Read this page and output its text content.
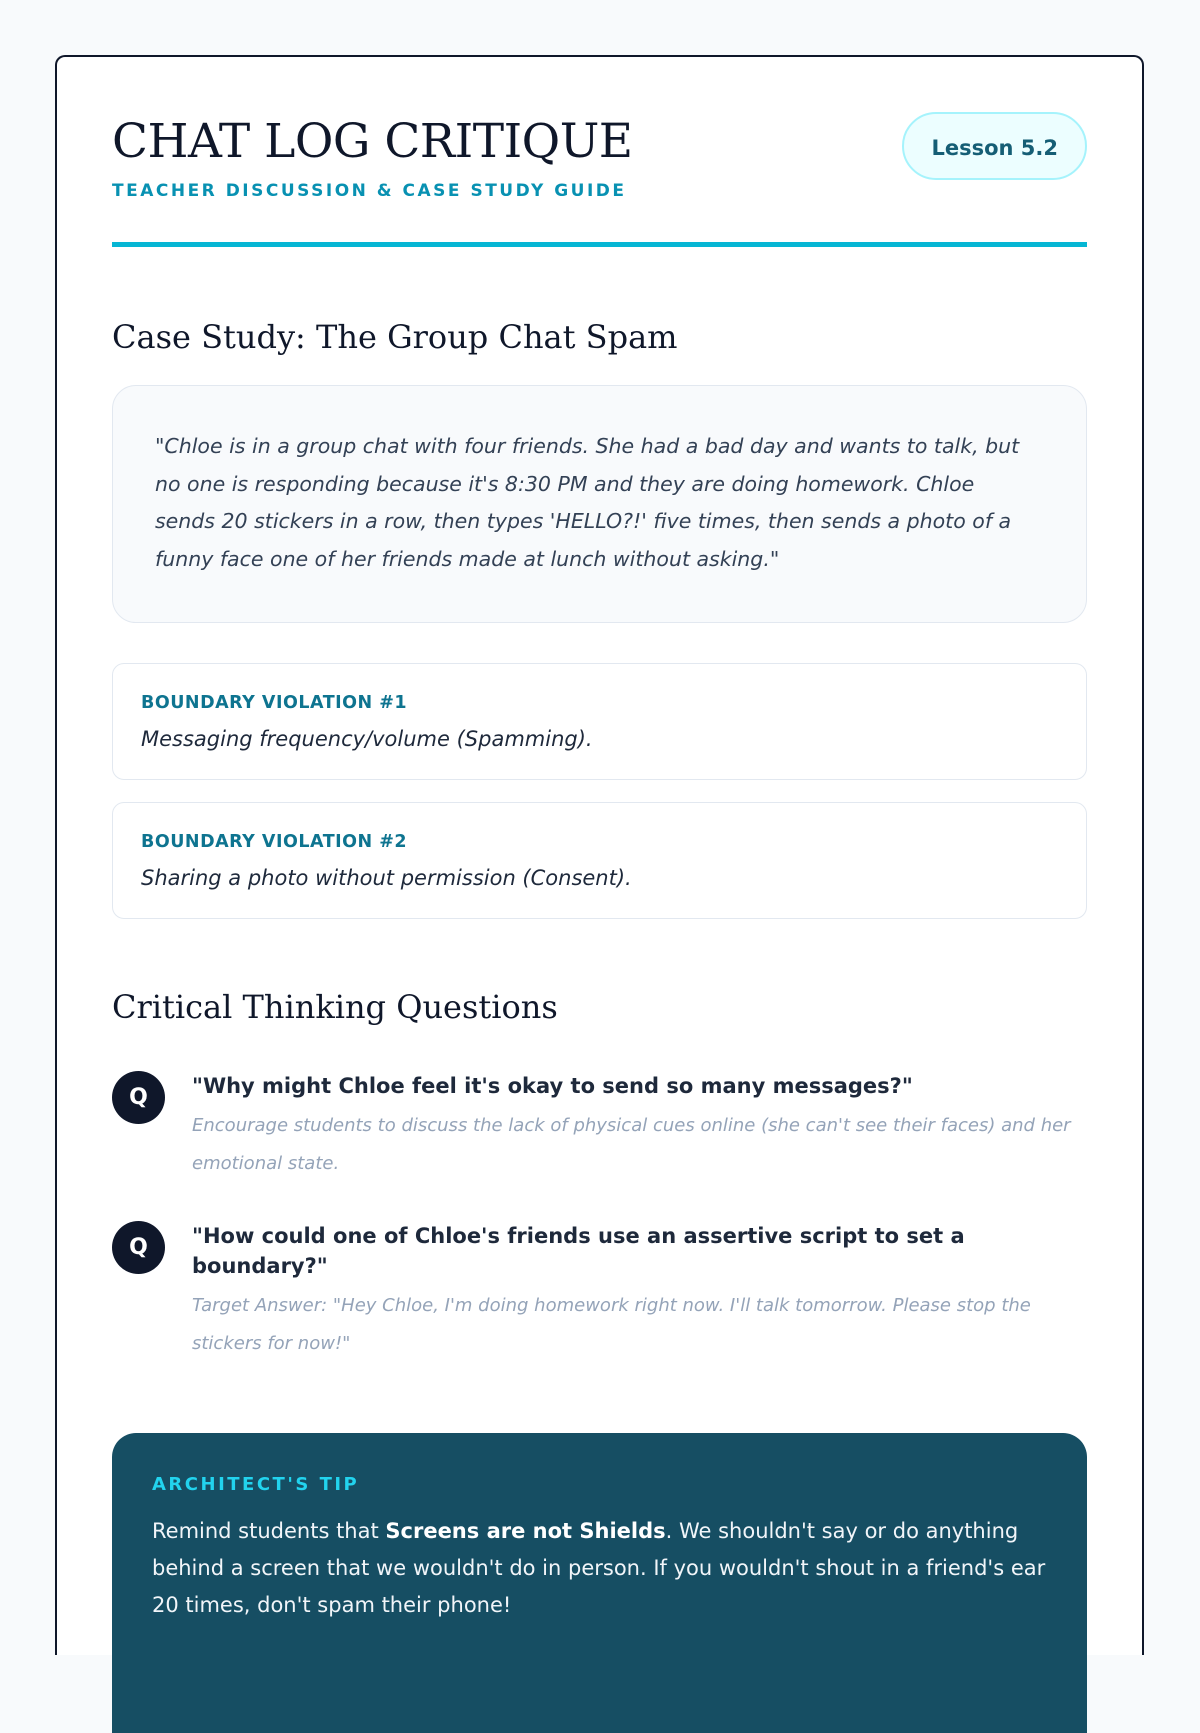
CHAT LOG CRITIQUE
TEACHER DISCUSSION & CASE STUDY GUIDE
Lesson 5.2
Case Study: The Group Chat Spam
"Chloe is in a group chat with four friends. She had a bad day and wants to talk, but no one is responding because it's 8:30 PM and they are doing homework. Chloe sends 20 stickers in a row, then types 'HELLO?!' five times, then sends a photo of a funny face one of her friends made at lunch without asking."
BOUNDARY VIOLATION #1
Messaging frequency/volume (Spamming).
BOUNDARY VIOLATION #2
Sharing a photo without permission (Consent).
Critical Thinking Questions
Q	"Why might Chloe feel it's okay to send so many messages?"
Encourage students to discuss the lack of physical cues online (she can't see their faces) and her emotional state.
Q	"How could one of Chloe's friends use an assertive script to set a boundary?"
Target Answer: "Hey Chloe, I'm doing homework right now. I'll talk tomorrow. Please stop the stickers for now!"
ARCHITECT'S TIP
Remind students that Screens are not Shields. We shouldn't say or do anything behind a screen that we wouldn't do in person. If you wouldn't shout in a friend's ear 20 times, don't spam their phone!
